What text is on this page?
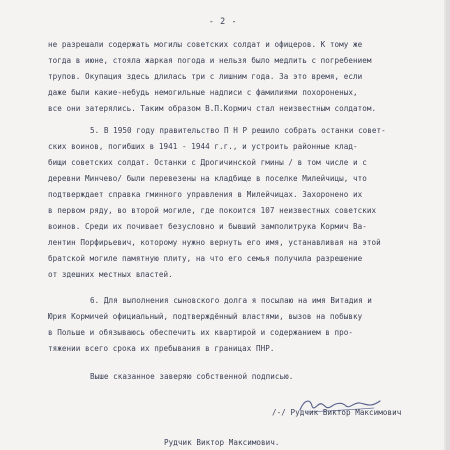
- 2 -
не разрешали содержать могилы советских солдат и офицеров. К тому же
тогда в июне, стояла жаркая погода и нельзя было медлить с погребением
трупов. Окупация здесь длилась три с лишним года. За это время, если
даже были какие-небудь немогильные надписи с фамилиями похороненых,
все они затерялись. Таким образом В.П.Кормич стал неизвестным солдатом.
5. В 1950 году правительство П Н Р решило собрать останки совет-
ских воинов, погибших в 1941 - 1944 г.г., и устроить районные клад-
бищи советских солдат. Останки с Дрогичинской гмины / в том числе и с
деревни Минчево/ были перевезены на кладбище в поселке Милейчицы, что
подтверждает справка гминного управления в Милейчицах. Захоронено их
в первом ряду, во второй могиле, где покоится 107 неизвестных советских
воинов. Среди их почивает безусловно и бывший замполитрука Кормич Ва-
лентин Порфирьевич, которому нужно вернуть его имя, устанавливая на этой
братской могиле памятную плиту, на что его семья получила разрешение
от здешних местных властей.
6. Для выполнения сыновского долга я посылаю на имя Витадия и
Юрия Кормичей официальный, подтверждённый властями, вызов на побывку
в Польше и обязываюсь обеспечить их квартирой и содержанием в про-
тяжении всего срока их пребывания в границах ПНР.
Выше сказанное заверяю собственной подписью.
/-/ Рудчик Виктор Максимович
Рудчик Виктор Максимович.
